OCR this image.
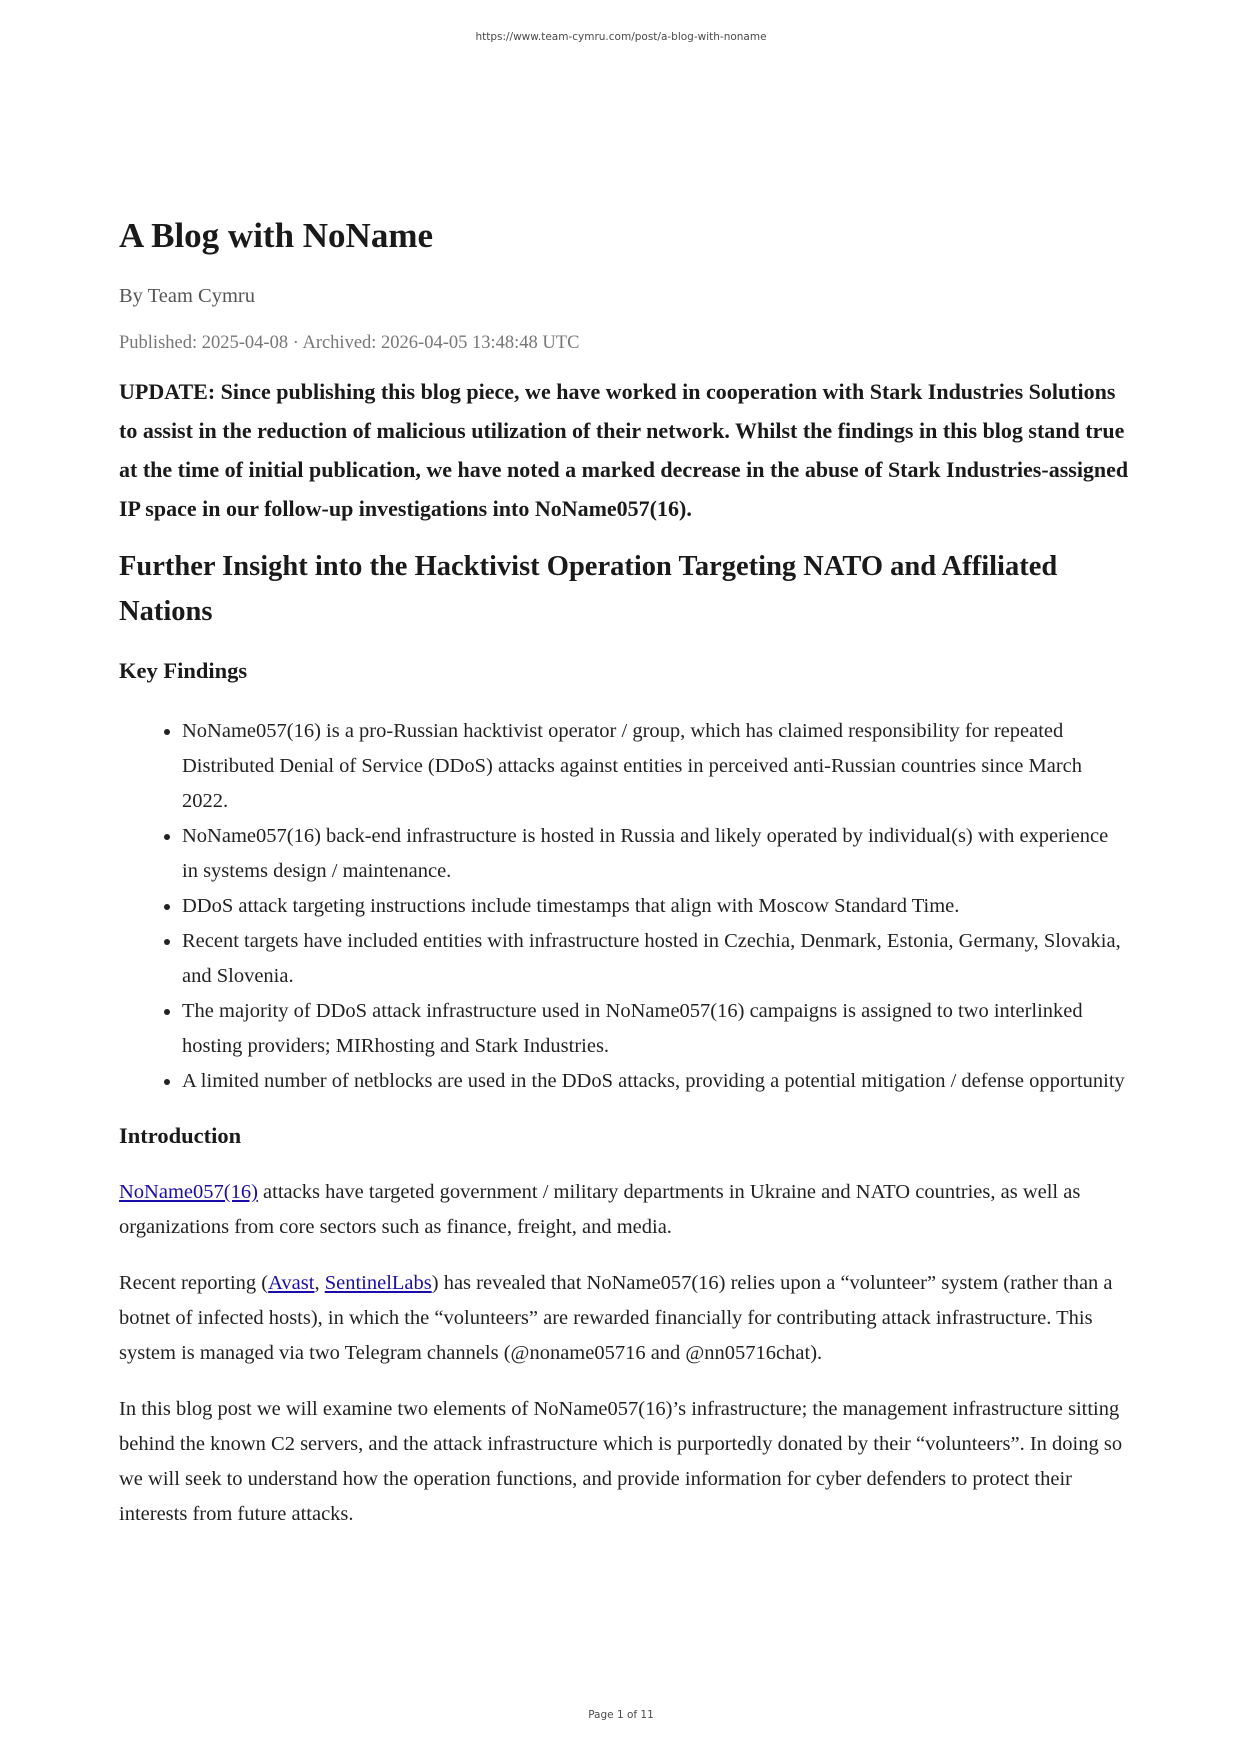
https://www.team-cymru.com/post/a-blog-with-noname
A Blog with NoName
By Team Cymru
Published: 2025-04-08 · Archived: 2026-04-05 13:48:48 UTC
UPDATE: Since publishing this blog piece, we have worked in cooperation with Stark Industries Solutions to assist in the reduction of malicious utilization of their network. Whilst the findings in this blog stand true at the time of initial publication, we have noted a marked decrease in the abuse of Stark Industries-assigned IP space in our follow-up investigations into NoName057(16).
Further Insight into the Hacktivist Operation Targeting NATO and Affiliated Nations
Key Findings
• NoName057(16) is a pro-Russian hacktivist operator / group, which has claimed responsibility for repeated Distributed Denial of Service (DDoS) attacks against entities in perceived anti-Russian countries since March 2022.
• NoName057(16) back-end infrastructure is hosted in Russia and likely operated by individual(s) with experience in systems design / maintenance.
• DDoS attack targeting instructions include timestamps that align with Moscow Standard Time.
• Recent targets have included entities with infrastructure hosted in Czechia, Denmark, Estonia, Germany, Slovakia, and Slovenia.
• The majority of DDoS attack infrastructure used in NoName057(16) campaigns is assigned to two interlinked hosting providers; MIRhosting and Stark Industries.
• A limited number of netblocks are used in the DDoS attacks, providing a potential mitigation / defense opportunity
Introduction

NoName057(16) attacks have targeted government / military departments in Ukraine and NATO countries, as well as organizations from core sectors such as finance, freight, and media.

Recent reporting (Avast, SentinelLabs) has revealed that NoName057(16) relies upon a “volunteer” system (rather than a botnet of infected hosts), in which the “volunteers” are rewarded financially for contributing attack infrastructure. This system is managed via two Telegram channels (@noname05716 and @nn05716chat).

In this blog post we will examine two elements of NoName057(16)’s infrastructure; the management infrastructure sitting behind the known C2 servers, and the attack infrastructure which is purportedly donated by their “volunteers”. In doing so we will seek to understand how the operation functions, and provide information for cyber defenders to protect their interests from future attacks.

Page 1 of 11
